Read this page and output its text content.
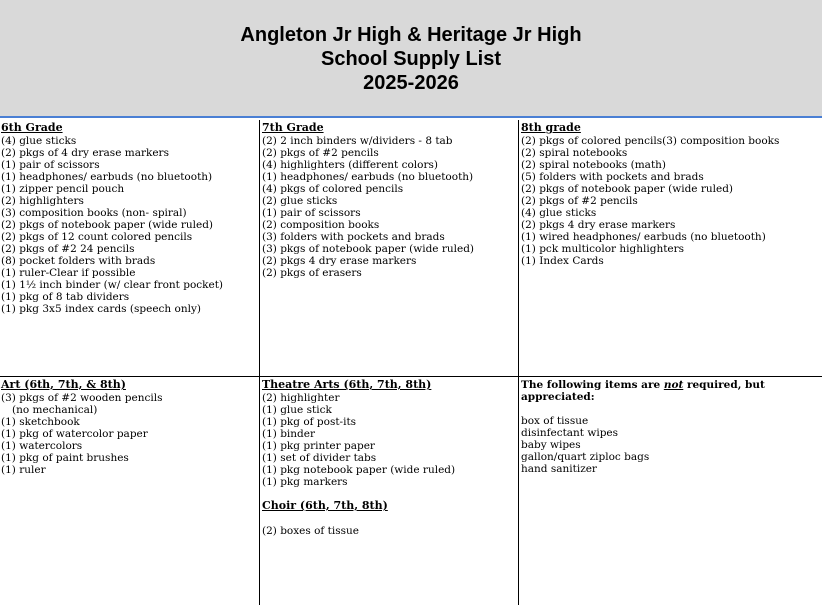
Angleton Jr High & Heritage Jr High
School Supply List
2025-2026
6th Grade
(4) glue sticks
(2) pkgs of 4 dry erase markers
(1) pair of scissors
(1) headphones/ earbuds (no bluetooth)
(1) zipper pencil pouch
(2) highlighters
(3) composition books (non- spiral)
(2) pkgs of notebook paper (wide ruled)
(2) pkgs of 12 count colored pencils
(2) pkgs of #2 24 pencils
(8) pocket folders with brads
(1) ruler-Clear if possible
(1) 1½ inch binder (w/ clear front pocket)
(1) pkg of 8 tab dividers
(1) pkg 3x5 index cards (speech only)
7th Grade
(2) 2 inch binders w/dividers - 8 tab
(2) pkgs of #2 pencils
(4) highlighters (different colors)
(1) headphones/ earbuds (no bluetooth)
(4) pkgs of colored pencils
(2) glue sticks
(1) pair of scissors
(2) composition books
(3) folders with pockets and brads
(3) pkgs of notebook paper (wide ruled)
(2) pkgs 4 dry erase markers
(2) pkgs of erasers
8th grade
(2) pkgs of colored pencils(3) composition books
(2) spiral notebooks
(2) spiral notebooks (math)
(5) folders with pockets and brads
(2) pkgs of notebook paper (wide ruled)
(2) pkgs of #2 pencils
(4) glue sticks
(2) pkgs 4 dry erase markers
(1) wired headphones/ earbuds (no bluetooth)
(1) pck multicolor highlighters
(1) Index Cards
Art (6th, 7th, & 8th)
(3) pkgs of #2 wooden pencils
(no mechanical)
(1) sketchbook
(1) pkg of watercolor paper
(1) watercolors
(1) pkg of paint brushes
(1) ruler
Theatre Arts (6th, 7th, 8th)
(2) highlighter
(1) glue stick
(1) pkg of post-its
(1) binder
(1) pkg printer paper
(1) set of divider tabs
(1) pkg notebook paper (wide ruled)
(1) pkg markers
Choir (6th, 7th, 8th)
(2) boxes of tissue
The following items are not required, but
appreciated:
box of tissue
disinfectant wipes
baby wipes
gallon/quart ziploc bags
hand sanitizer
